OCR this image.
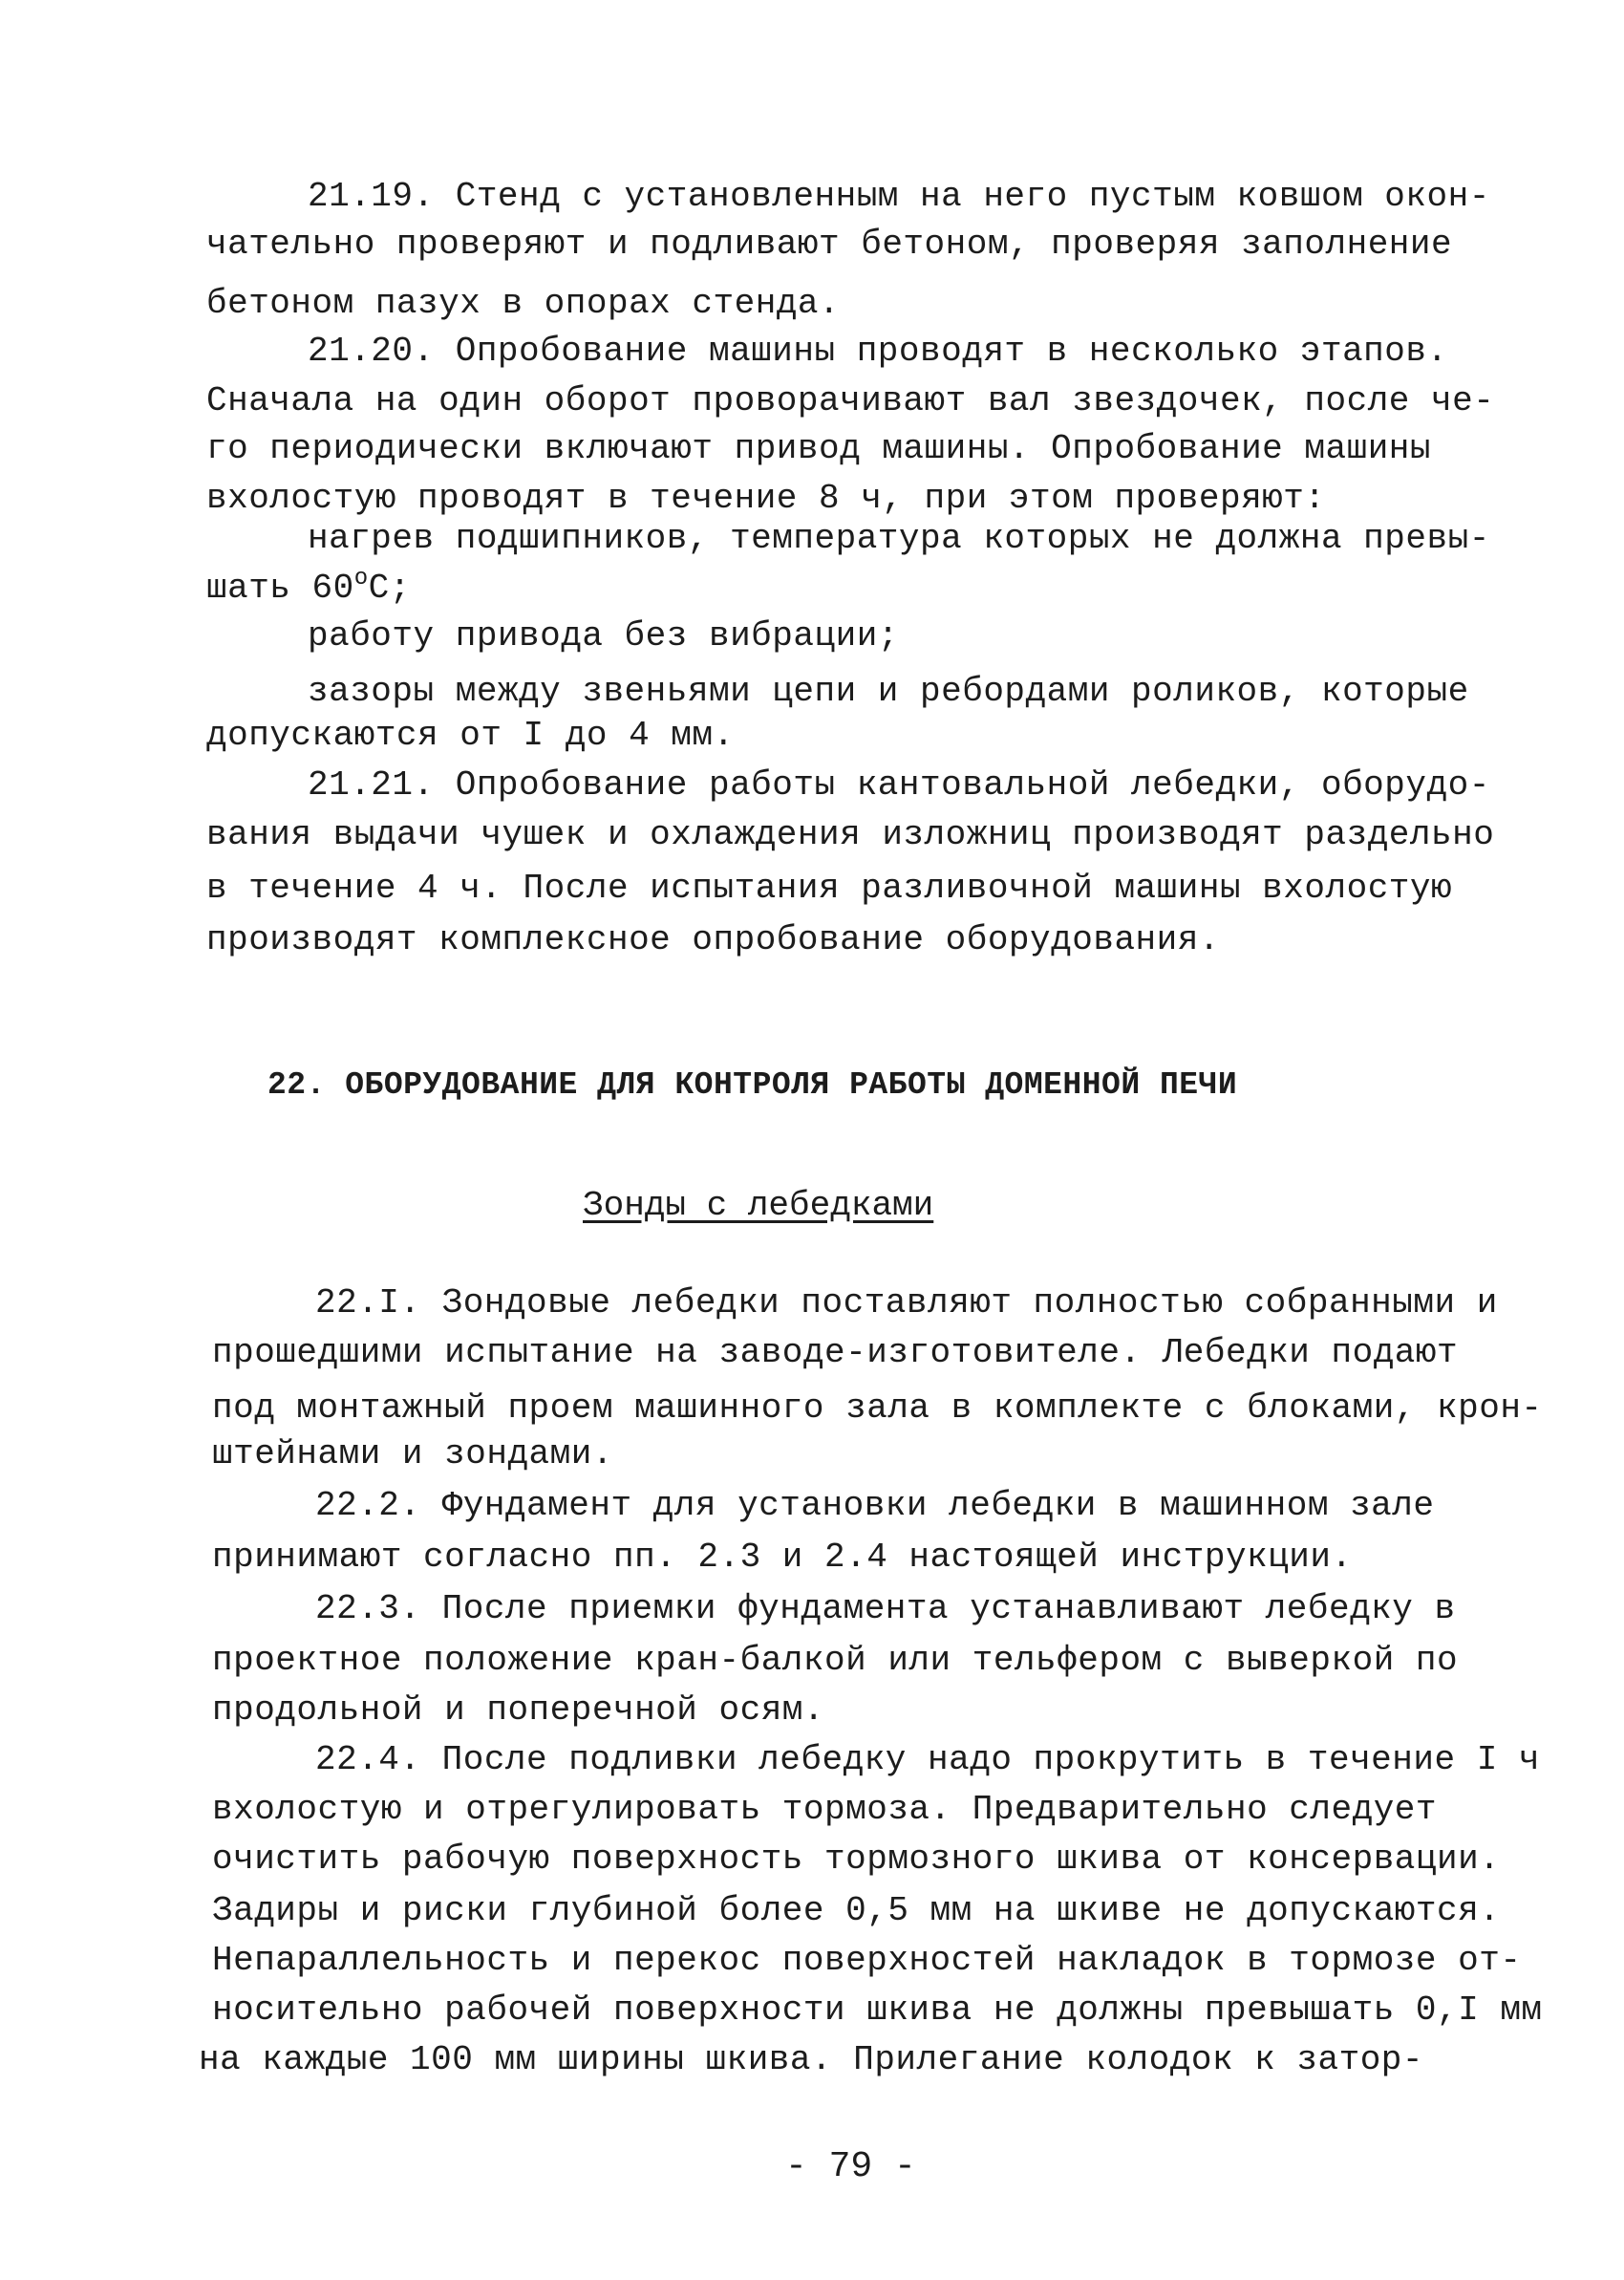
21.19. Стенд с установленным на него пустым ковшом окон-
чательно проверяют и подливают бетоном, проверяя заполнение
бетоном пазух в опорах стенда.
21.20. Опробование машины проводят в несколько этапов.
Сначала на один оборот проворачивают вал звездочек, после че-
го периодически включают привод машины. Опробование машины
вхолостую проводят в течение 8 ч, при этом проверяют:
нагрев подшипников, температура которых не должна превы-
шать $60^оС$;
работу привода без вибрации;
зазоры между звеньями цепи и ребордами роликов, которые
допускаются от I до 4 мм.
21.21. Опробование работы кантовальной лебедки, оборудо-
вания выдачи чушек и охлаждения изложниц производят раздельно
в течение 4 ч. После испытания разливочной машины вхолостую
производят комплексное опробование оборудования.
22. ОБОРУДОВАНИЕ ДЛЯ КОНТРОЛЯ РАБОТЫ ДОМЕННОЙ ПЕЧИ
Зонды с лебедками
22.I. Зондовые лебедки поставляют полностью собранными и
прошедшими испытание на заводе-изготовителе. Лебедки подают
под монтажный проем машинного зала в комплекте с блоками, крон-
штейнами и зондами.
22.2. Фундамент для установки лебедки в машинном зале
принимают согласно пп. 2.3 и 2.4 настоящей инструкции.
22.3. После приемки фундамента устанавливают лебедку в
проектное положение кран-балкой или тельфером с выверкой по
продольной и поперечной осям.
22.4. После подливки лебедку надо прокрутить в течение I ч
вхолостую и отрегулировать тормоза. Предварительно следует
очистить рабочую поверхность тормозного шкива от консервации.
Задиры и риски глубиной более 0,5 мм на шкиве не допускаются.
Непараллельность и перекос поверхностей накладок в тормозе от-
носительно рабочей поверхности шкива не должны превышать 0,I мм
на каждые 100 мм ширины шкива. Прилегание колодок к затор-
- 79 -
